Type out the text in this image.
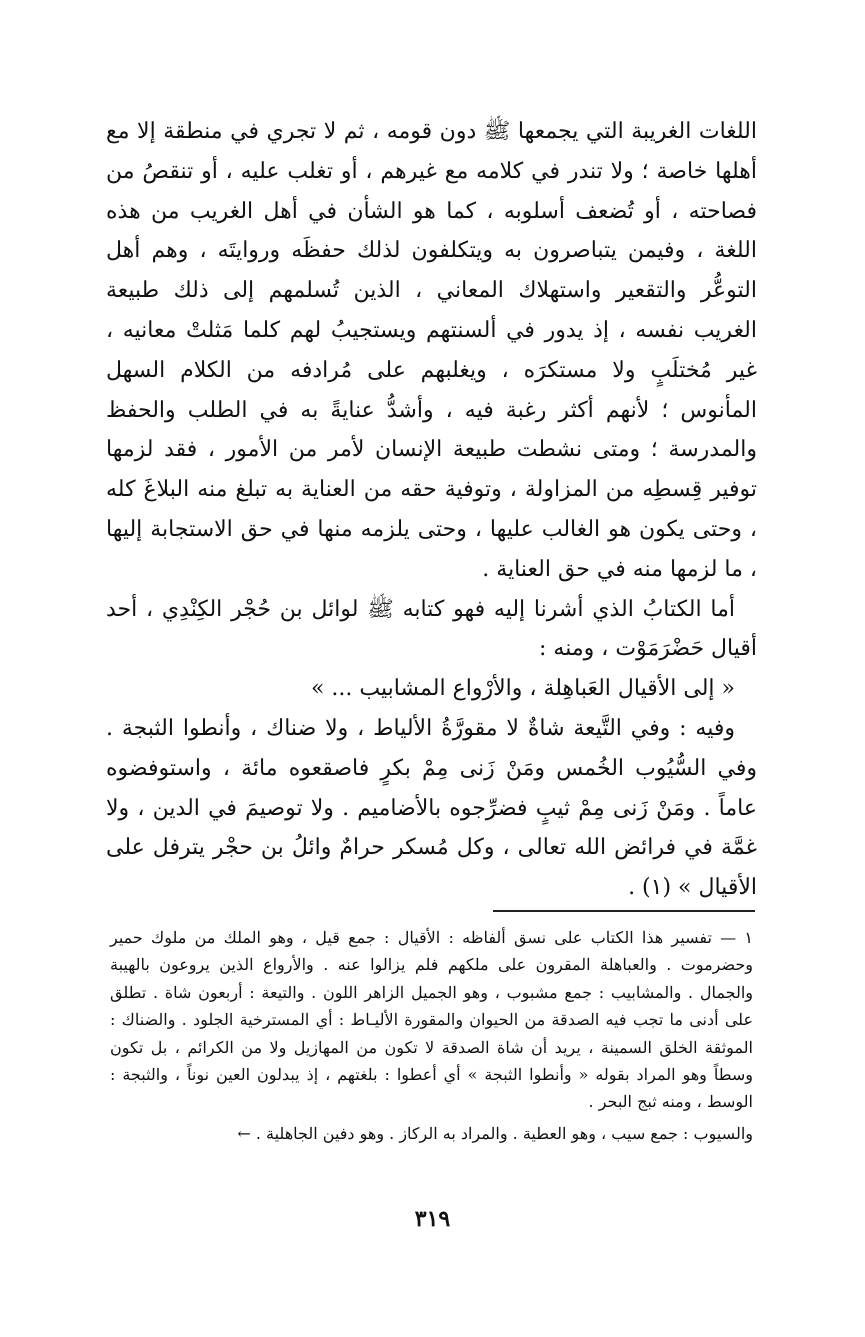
اللغات الغريبة التي يجمعها ﷺ دون قومه ، ثم لا تجري في منطقة إلا مع أهلها خاصة ؛ ولا تندر في كلامه مع غيرهم ، أو تغلب عليه ، أو تنقصُ من فصاحته ، أو تُضعف أسلوبه ، كما هو الشأن في أهل الغريب من هذه اللغة ، وفيمن يتباصرون به ويتكلفون لذلك حفظَه وروايتَه ، وهم أهل التوعُّر والتقعير واستهلاك المعاني ، الذين تُسلمهم إلى ذلك طبيعة الغريب نفسه ، إذ يدور في ألسنتهم ويستجيبُ لهم كلما مَثلتْ معانيه ، غير مُختلَبٍ ولا مستكرَه ، ويغلبهم على مُرادفه من الكلام السهل المأنوس ؛ لأنهم أكثر رغبة فيه ، وأشدُّ عنايةً به في الطلب والحفظ والمدرسة ؛ ومتى نشطت طبيعة الإنسان لأمر من الأمور ، فقد لزمها توفير قِسطِه من المزاولة ، وتوفية حقه من العناية به تبلغ منه البلاغَ كله ، وحتى يكون هو الغالب عليها ، وحتى يلزمه منها في حق الاستجابة إليها ، ما لزمها منه في حق العناية .

أما الكتابُ الذي أشرنا إليه فهو كتابه ﷺ لوائل بن حُجْر الكِنْدِي ، أحد أقيال حَضْرَمَوْت ، ومنه :

« إلى الأقيال العَباهِلة ، والأرْواع المشابيب ... »

وفيه : وفي التَّيعة شاةٌ لا مقورَّةُ الألياط ، ولا ضناك ، وأنطوا الثبجة . وفي السُّيُوب الخُمس ومَنْ زَنى مِمْ بكرٍ فاصقعوه مائة ، واستوفضوه عاماً . ومَنْ زَنى مِمْ ثيبٍ فضرِّجوه بالأضاميم . ولا توصيمَ في الدين ، ولا غمَّة في فرائض الله تعالى ، وكل مُسكر حرامٌ وائلُ بن حجْر يترفل على الأقيال » (١) .

١ — تفسير هذا الكتاب على نسق ألفاظه : الأقيال : جمع قيل ، وهو الملك من ملوك حمير وحضرموت . والعباهلة المقرون على ملكهم فلم يزالوا عنه . والأرواع الذين يروعون بالهيبة والجمال . والمشابيب : جمع مشبوب ، وهو الجميل الزاهر اللون . والتيعة : أربعون شاة . تطلق على أدنى ما تجب فيه الصدقة من الحيوان والمقورة الأليـاط : أي المسترخية الجلود . والضناك : الموثقة الخلق السمينة ، يريد أن شاة الصدقة لا تكون من المهازيل ولا من الكرائم ، بل تكون وسطاً وهو المراد بقوله « وأنطوا الثبجة » أي أعطوا : بلغتهم ، إذ يبدلون العين نوناً ، والثبجة : الوسط ، ومنه ثبج البحر .

والسيوب : جمع سيب ، وهو العطية . والمراد به الركاز . وهو دفين الجاهلية . ←

٣١٩
